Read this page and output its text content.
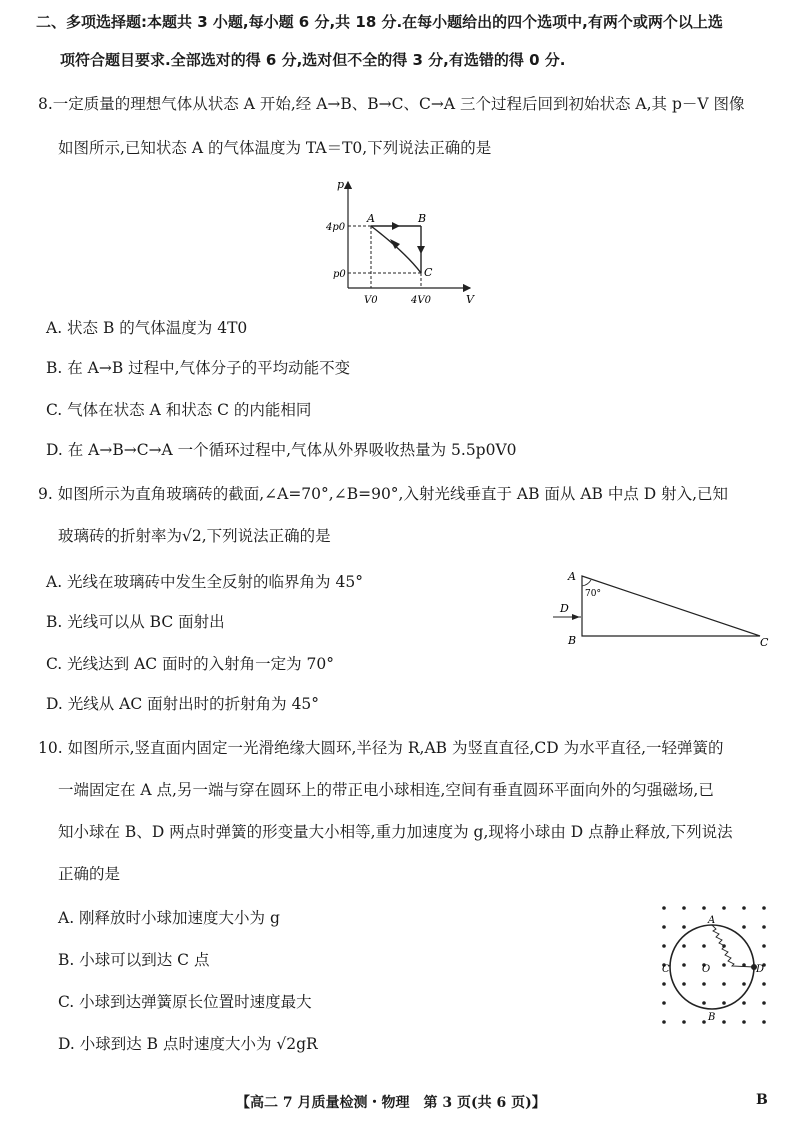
二、多项选择题:本题共 3 小题,每小题 6 分,共 18 分.在每小题给出的四个选项中,有两个或两个以上选
项符合题目要求.全部选对的得 6 分,选对但不全的得 3 分,有选错的得 0 分.
8.一定质量的理想气体从状态 A 开始,经 A→B、B→C、C→A 三个过程后回到初始状态 A,其 p－V 图像
如图所示,已知状态 A 的气体温度为 TA＝T0,下列说法正确的是
p
V
4p0
p0
V0	4V0
A	B
C
A. 状态 B 的气体温度为 4T0
B. 在 A→B 过程中,气体分子的平均动能不变
C. 气体在状态 A 和状态 C 的内能相同
D. 在 A→B→C→A 一个循环过程中,气体从外界吸收热量为 5.5p0V0
9. 如图所示为直角玻璃砖的截面,∠A=70°,∠B=90°,入射光线垂直于 AB 面从 AB 中点 D 射入,已知
玻璃砖的折射率为√2,下列说法正确的是
A
70°
D
B	C
A. 光线在玻璃砖中发生全反射的临界角为 45°
B. 光线可以从 BC 面射出
C. 光线达到 AC 面时的入射角一定为 70°
D. 光线从 AC 面射出时的折射角为 45°
10. 如图所示,竖直面内固定一光滑绝缘大圆环,半径为 R,AB 为竖直直径,CD 为水平直径,一轻弹簧的
一端固定在 A 点,另一端与穿在圆环上的带正电小球相连,空间有垂直圆环平面向外的匀强磁场,已
知小球在 B、D 两点时弹簧的形变量大小相等,重力加速度为 g,现将小球由 D 点静止释放,下列说法
正确的是
A
B
C	D
O
A. 刚释放时小球加速度大小为 g
B. 小球可以到达 C 点
C. 小球到达弹簧原长位置时速度最大
D. 小球到达 B 点时速度大小为 √2gR
【高二 7 月质量检测・物理　第 3 页(共 6 页)】	B
